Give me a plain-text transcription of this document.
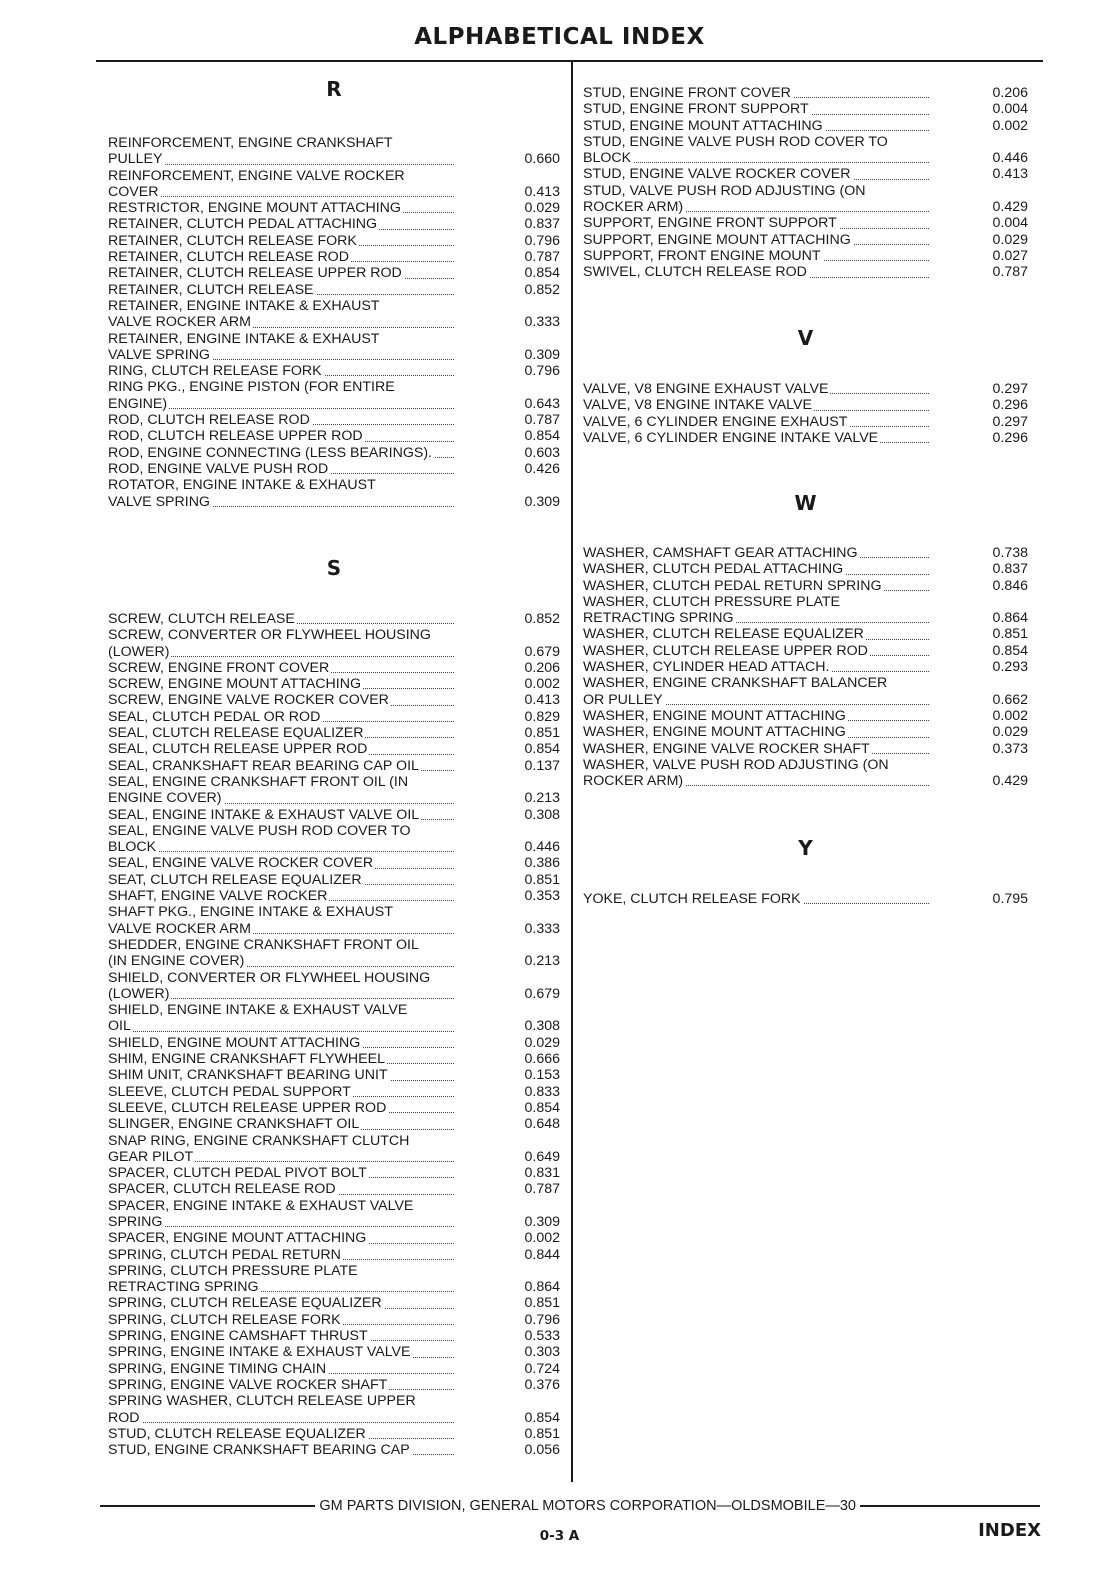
ALPHABETICAL INDEX
R
REINFORCEMENT, ENGINE CRANKSHAFT
PULLEY	0.660
REINFORCEMENT, ENGINE VALVE ROCKER
COVER	0.413
RESTRICTOR, ENGINE MOUNT ATTACHING	0.029
RETAINER, CLUTCH PEDAL ATTACHING	0.837
RETAINER, CLUTCH RELEASE FORK	0.796
RETAINER, CLUTCH RELEASE ROD	0.787
RETAINER, CLUTCH RELEASE UPPER ROD	0.854
RETAINER, CLUTCH RELEASE	0.852
RETAINER, ENGINE INTAKE & EXHAUST
VALVE ROCKER ARM	0.333
RETAINER, ENGINE INTAKE & EXHAUST
VALVE SPRING	0.309
RING, CLUTCH RELEASE FORK	0.796
RING PKG., ENGINE PISTON (FOR ENTIRE
ENGINE)	0.643
ROD, CLUTCH RELEASE ROD	0.787
ROD, CLUTCH RELEASE UPPER ROD	0.854
ROD, ENGINE CONNECTING (LESS BEARINGS).	0.603
ROD, ENGINE VALVE PUSH ROD	0.426
ROTATOR, ENGINE INTAKE & EXHAUST
VALVE SPRING	0.309
S
SCREW, CLUTCH RELEASE	0.852
SCREW, CONVERTER OR FLYWHEEL HOUSING
(LOWER)	0.679
SCREW, ENGINE FRONT COVER	0.206
SCREW, ENGINE MOUNT ATTACHING	0.002
SCREW, ENGINE VALVE ROCKER COVER	0.413
SEAL, CLUTCH PEDAL OR ROD	0.829
SEAL, CLUTCH RELEASE EQUALIZER	0.851
SEAL, CLUTCH RELEASE UPPER ROD	0.854
SEAL, CRANKSHAFT REAR BEARING CAP OIL	0.137
SEAL, ENGINE CRANKSHAFT FRONT OIL (IN
ENGINE COVER)	0.213
SEAL, ENGINE INTAKE & EXHAUST VALVE OIL	0.308
SEAL, ENGINE VALVE PUSH ROD COVER TO
BLOCK	0.446
SEAL, ENGINE VALVE ROCKER COVER	0.386
SEAT, CLUTCH RELEASE EQUALIZER	0.851
SHAFT, ENGINE VALVE ROCKER	0.353
SHAFT PKG., ENGINE INTAKE & EXHAUST
VALVE ROCKER ARM	0.333
SHEDDER, ENGINE CRANKSHAFT FRONT OIL
(IN ENGINE COVER)	0.213
SHIELD, CONVERTER OR FLYWHEEL HOUSING
(LOWER)	0.679
SHIELD, ENGINE INTAKE & EXHAUST VALVE
OIL	0.308
SHIELD, ENGINE MOUNT ATTACHING	0.029
SHIM, ENGINE CRANKSHAFT FLYWHEEL	0.666
SHIM UNIT, CRANKSHAFT BEARING UNIT	0.153
SLEEVE, CLUTCH PEDAL SUPPORT	0.833
SLEEVE, CLUTCH RELEASE UPPER ROD	0.854
SLINGER, ENGINE CRANKSHAFT OIL	0.648
SNAP RING, ENGINE CRANKSHAFT CLUTCH
GEAR PILOT	0.649
SPACER, CLUTCH PEDAL PIVOT BOLT	0.831
SPACER, CLUTCH RELEASE ROD	0.787
SPACER, ENGINE INTAKE & EXHAUST VALVE
SPRING	0.309
SPACER, ENGINE MOUNT ATTACHING	0.002
SPRING, CLUTCH PEDAL RETURN	0.844
SPRING, CLUTCH PRESSURE PLATE
RETRACTING SPRING	0.864
SPRING, CLUTCH RELEASE EQUALIZER	0.851
SPRING, CLUTCH RELEASE FORK	0.796
SPRING, ENGINE CAMSHAFT THRUST	0.533
SPRING, ENGINE INTAKE & EXHAUST VALVE	0.303
SPRING, ENGINE TIMING CHAIN	0.724
SPRING, ENGINE VALVE ROCKER SHAFT	0.376
SPRING WASHER, CLUTCH RELEASE UPPER
ROD	0.854
STUD, CLUTCH RELEASE EQUALIZER	0.851
STUD, ENGINE CRANKSHAFT BEARING CAP	0.056
STUD, ENGINE FRONT COVER	0.206
STUD, ENGINE FRONT SUPPORT	0.004
STUD, ENGINE MOUNT ATTACHING	0.002
STUD, ENGINE VALVE PUSH ROD COVER TO
BLOCK	0.446
STUD, ENGINE VALVE ROCKER COVER	0.413
STUD, VALVE PUSH ROD ADJUSTING (ON
ROCKER ARM)	0.429
SUPPORT, ENGINE FRONT SUPPORT	0.004
SUPPORT, ENGINE MOUNT ATTACHING	0.029
SUPPORT, FRONT ENGINE MOUNT	0.027
SWIVEL, CLUTCH RELEASE ROD	0.787
V
VALVE, V8 ENGINE EXHAUST VALVE	0.297
VALVE, V8 ENGINE INTAKE VALVE	0.296
VALVE, 6 CYLINDER ENGINE EXHAUST	0.297
VALVE, 6 CYLINDER ENGINE INTAKE VALVE	0.296
W
WASHER, CAMSHAFT GEAR ATTACHING	0.738
WASHER, CLUTCH PEDAL ATTACHING	0.837
WASHER, CLUTCH PEDAL RETURN SPRING	0.846
WASHER, CLUTCH PRESSURE PLATE
RETRACTING SPRING	0.864
WASHER, CLUTCH RELEASE EQUALIZER	0.851
WASHER, CLUTCH RELEASE UPPER ROD	0.854
WASHER, CYLINDER HEAD ATTACH.	0.293
WASHER, ENGINE CRANKSHAFT BALANCER
OR PULLEY	0.662
WASHER, ENGINE MOUNT ATTACHING	0.002
WASHER, ENGINE MOUNT ATTACHING	0.029
WASHER, ENGINE VALVE ROCKER SHAFT	0.373
WASHER, VALVE PUSH ROD ADJUSTING (ON
ROCKER ARM)	0.429
Y
YOKE, CLUTCH RELEASE FORK	0.795
GM PARTS DIVISION, GENERAL MOTORS CORPORATION—OLDSMOBILE—30
0-3 A	INDEX
